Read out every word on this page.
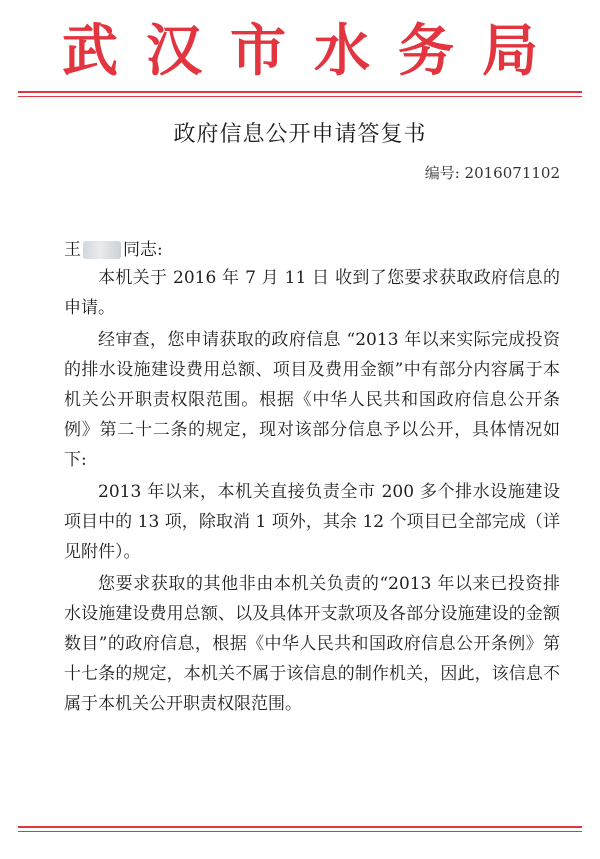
武汉市水务局
政府信息公开申请答复书
编号: 2016071102
王 同志:

本机关于 2016 年 7 月 11 日 收到了您要求获取政府信息的申请。

经审查，您申请获取的政府信息 “2013 年以来实际完成投资的排水设施建设费用总额、项目及费用金额”中有部分内容属于本机关公开职责权限范围。根据《中华人民共和国政府信息公开条例》第二十二条的规定，现对该部分信息予以公开，具体情况如下:

2013 年以来，本机关直接负责全市 200 多个排水设施建设项目中的 13 项，除取消 1 项外，其余 12 个项目已全部完成（详见附件）。

您要求获取的其他非由本机关负责的“2013 年以来已投资排水设施建设费用总额、以及具体开支款项及各部分设施建设的金额数目”的政府信息，根据《中华人民共和国政府信息公开条例》第十七条的规定，本机关不属于该信息的制作机关，因此，该信息不属于本机关公开职责权限范围。
